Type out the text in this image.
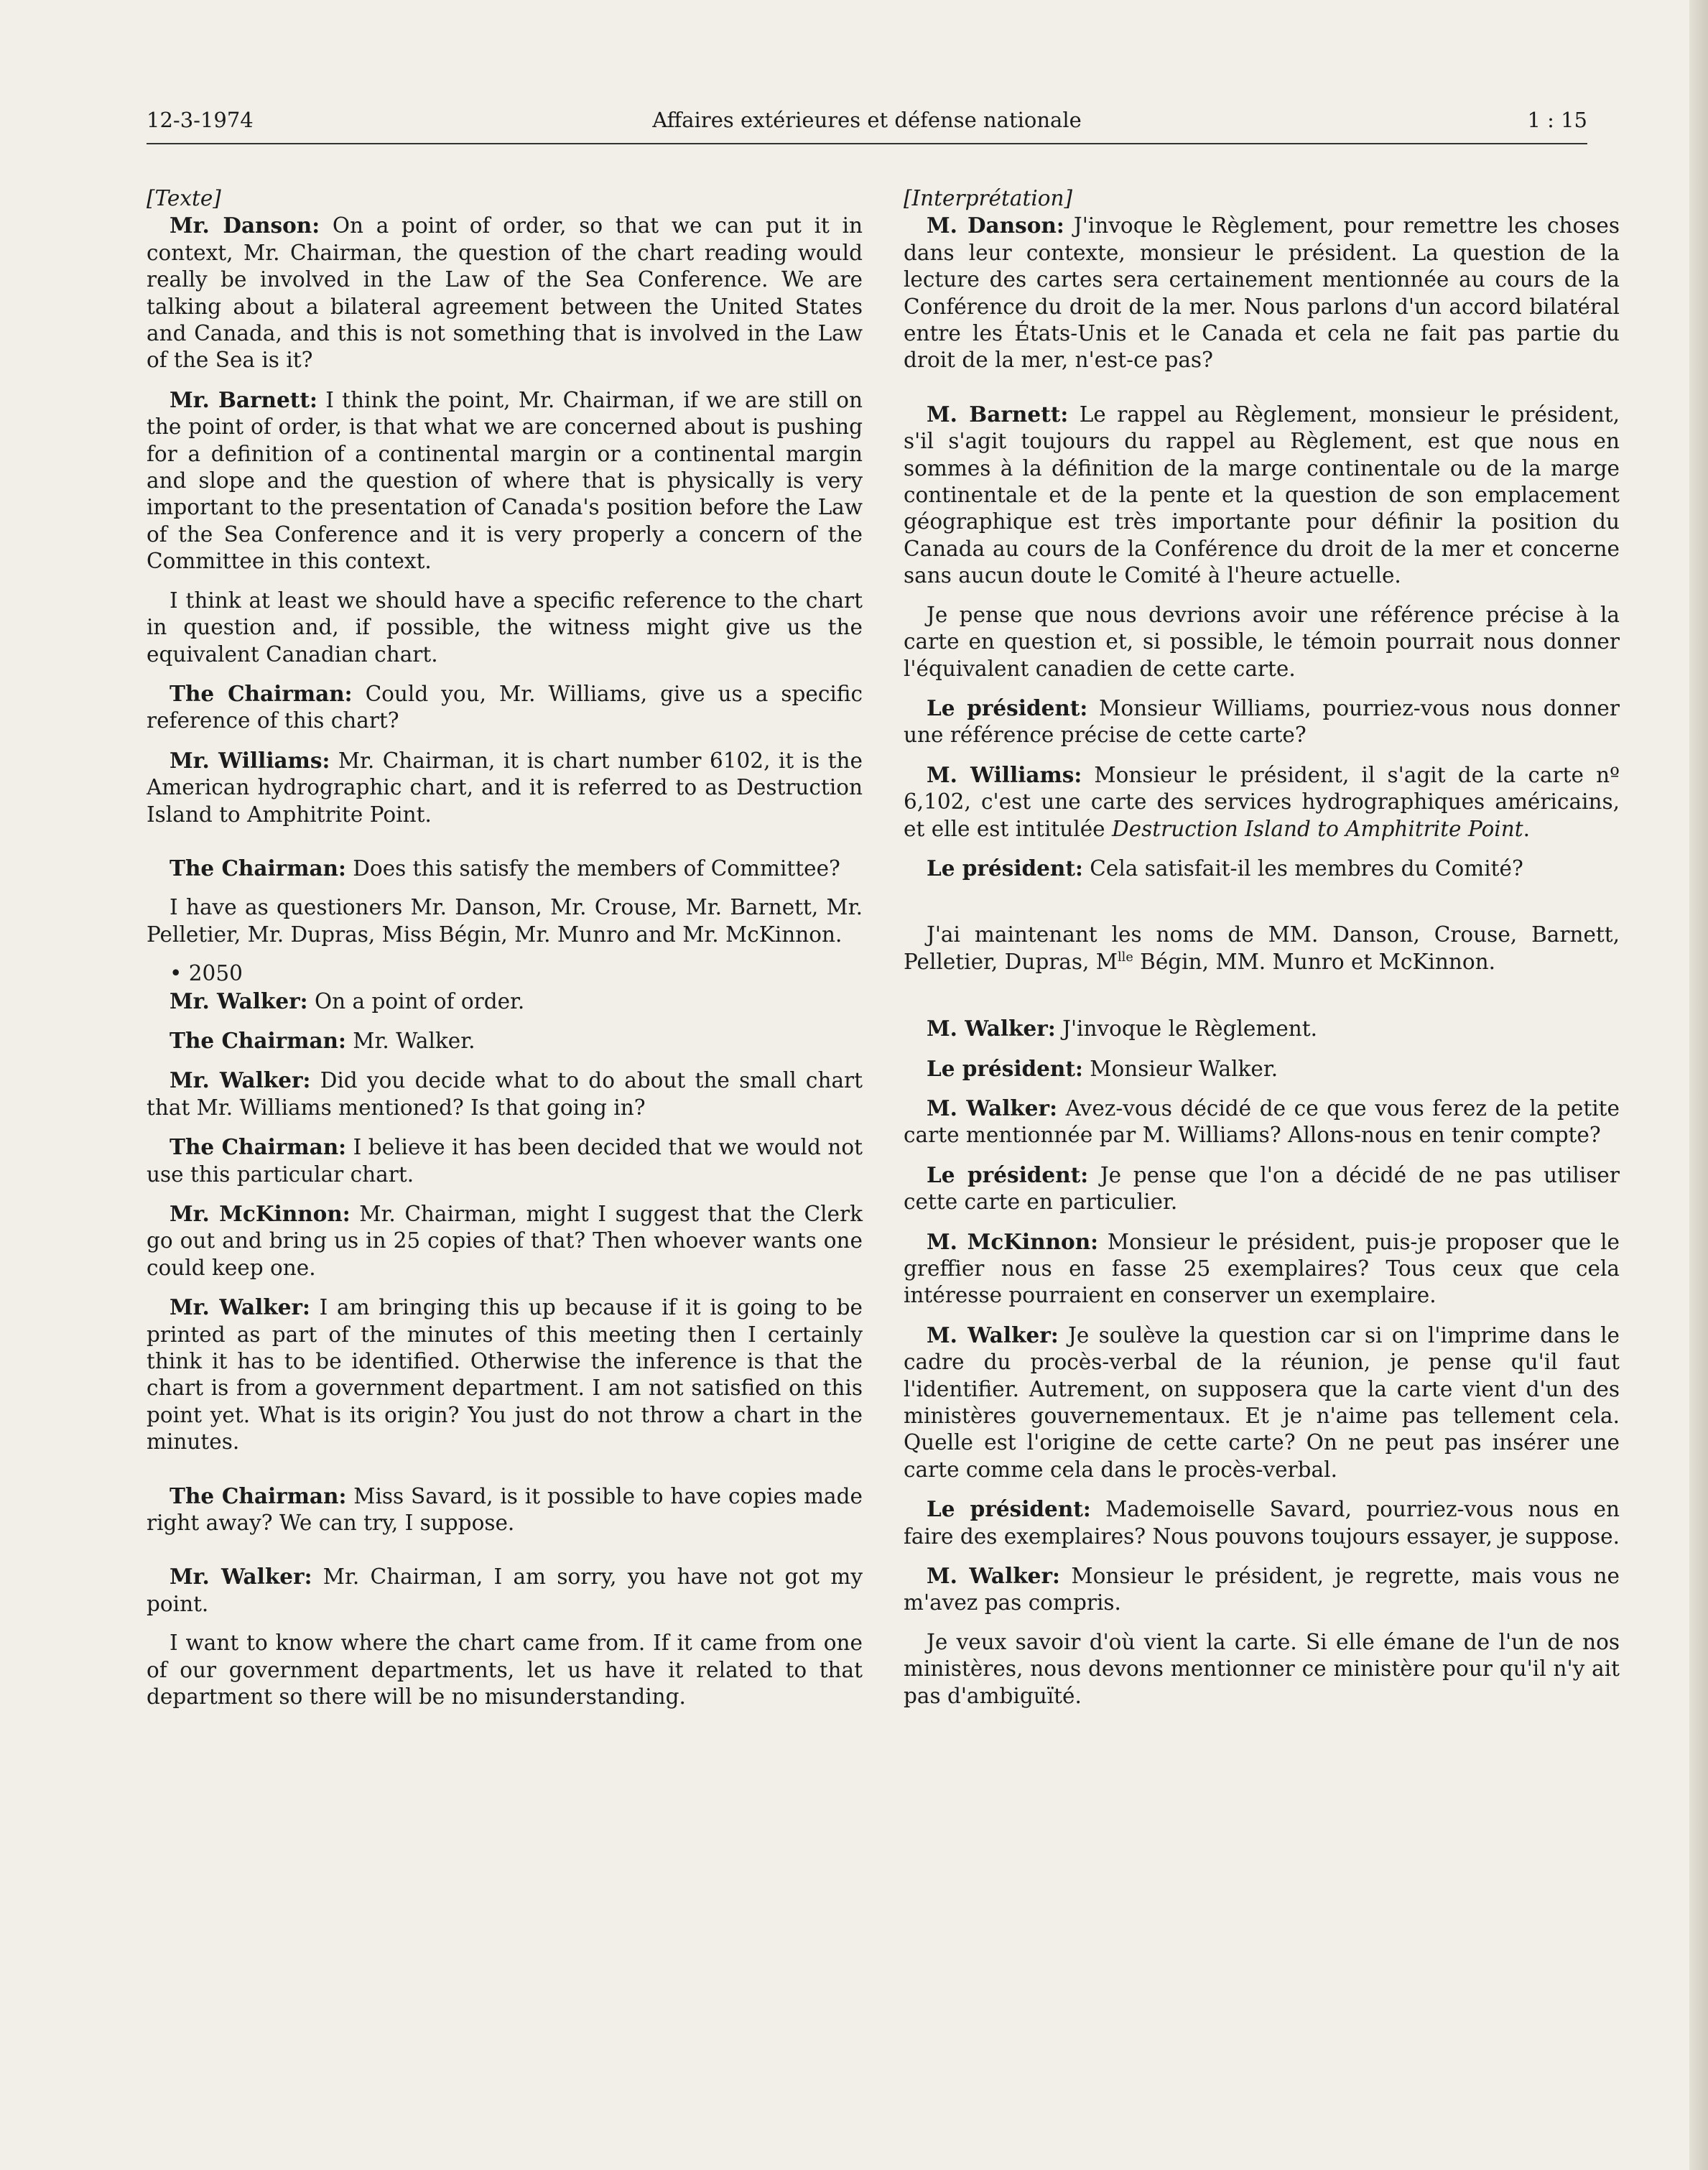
12-3-1974	Affaires extérieures et défense nationale	1 : 15

[Texte]

Mr. Danson: On a point of order, so that we can put it in context, Mr. Chairman, the question of the chart reading would really be involved in the Law of the Sea Conference. We are talking about a bilateral agreement between the United States and Canada, and this is not something that is involved in the Law of the Sea is it?

Mr. Barnett: I think the point, Mr. Chairman, if we are still on the point of order, is that what we are concerned about is pushing for a definition of a continental margin or a continental margin and slope and the question of where that is physically is very important to the presentation of Canada's position before the Law of the Sea Conference and it is very properly a concern of the Committee in this context.

I think at least we should have a specific reference to the chart in question and, if possible, the witness might give us the equivalent Canadian chart.

The Chairman: Could you, Mr. Williams, give us a specific reference of this chart?

Mr. Williams: Mr. Chairman, it is chart number 6102, it is the American hydrographic chart, and it is referred to as Destruction Island to Amphitrite Point.

The Chairman: Does this satisfy the members of Committee?

I have as questioners Mr. Danson, Mr. Crouse, Mr. Barnett, Mr. Pelletier, Mr. Dupras, Miss Bégin, Mr. Munro and Mr. McKinnon.

• 2050

Mr. Walker: On a point of order.

The Chairman: Mr. Walker.

Mr. Walker: Did you decide what to do about the small chart that Mr. Williams mentioned? Is that going in?

The Chairman: I believe it has been decided that we would not use this particular chart.

Mr. McKinnon: Mr. Chairman, might I suggest that the Clerk go out and bring us in 25 copies of that? Then whoever wants one could keep one.

Mr. Walker: I am bringing this up because if it is going to be printed as part of the minutes of this meeting then I certainly think it has to be identified. Otherwise the inference is that the chart is from a government department. I am not satisfied on this point yet. What is its origin? You just do not throw a chart in the minutes.

The Chairman: Miss Savard, is it possible to have copies made right away? We can try, I suppose.

Mr. Walker: Mr. Chairman, I am sorry, you have not got my point.

I want to know where the chart came from. If it came from one of our government departments, let us have it related to that department so there will be no misunderstanding.

[Interprétation]

M. Danson: J'invoque le Règlement, pour remettre les choses dans leur contexte, monsieur le président. La question de la lecture des cartes sera certainement mentionnée au cours de la Conférence du droit de la mer. Nous parlons d'un accord bilatéral entre les États-Unis et le Canada et cela ne fait pas partie du droit de la mer, n'est-ce pas?

M. Barnett: Le rappel au Règlement, monsieur le président, s'il s'agit toujours du rappel au Règlement, est que nous en sommes à la définition de la marge continentale ou de la marge continentale et de la pente et la question de son emplacement géographique est très importante pour définir la position du Canada au cours de la Conférence du droit de la mer et concerne sans aucun doute le Comité à l'heure actuelle.

Je pense que nous devrions avoir une référence précise à la carte en question et, si possible, le témoin pourrait nous donner l'équivalent canadien de cette carte.

Le président: Monsieur Williams, pourriez-vous nous donner une référence précise de cette carte?

M. Williams: Monsieur le président, il s'agit de la carte nº 6,102, c'est une carte des services hydrographiques américains, et elle est intitulée Destruction Island to Amphitrite Point.

Le président: Cela satisfait-il les membres du Comité?

J'ai maintenant les noms de MM. Danson, Crouse, Barnett, Pelletier, Dupras, $M^{lle}$ Bégin, MM. Munro et McKinnon.

M. Walker: J'invoque le Règlement.

Le président: Monsieur Walker.

M. Walker: Avez-vous décidé de ce que vous ferez de la petite carte mentionnée par M. Williams? Allons-nous en tenir compte?

Le président: Je pense que l'on a décidé de ne pas utiliser cette carte en particulier.

M. McKinnon: Monsieur le président, puis-je proposer que le greffier nous en fasse 25 exemplaires? Tous ceux que cela intéresse pourraient en conserver un exemplaire.

M. Walker: Je soulève la question car si on l'imprime dans le cadre du procès-verbal de la réunion, je pense qu'il faut l'identifier. Autrement, on supposera que la carte vient d'un des ministères gouvernementaux. Et je n'aime pas tellement cela. Quelle est l'origine de cette carte? On ne peut pas insérer une carte comme cela dans le procès-verbal.

Le président: Mademoiselle Savard, pourriez-vous nous en faire des exemplaires? Nous pouvons toujours essayer, je suppose.

M. Walker: Monsieur le président, je regrette, mais vous ne m'avez pas compris.

Je veux savoir d'où vient la carte. Si elle émane de l'un de nos ministères, nous devons mentionner ce ministère pour qu'il n'y ait pas d'ambiguïté.
